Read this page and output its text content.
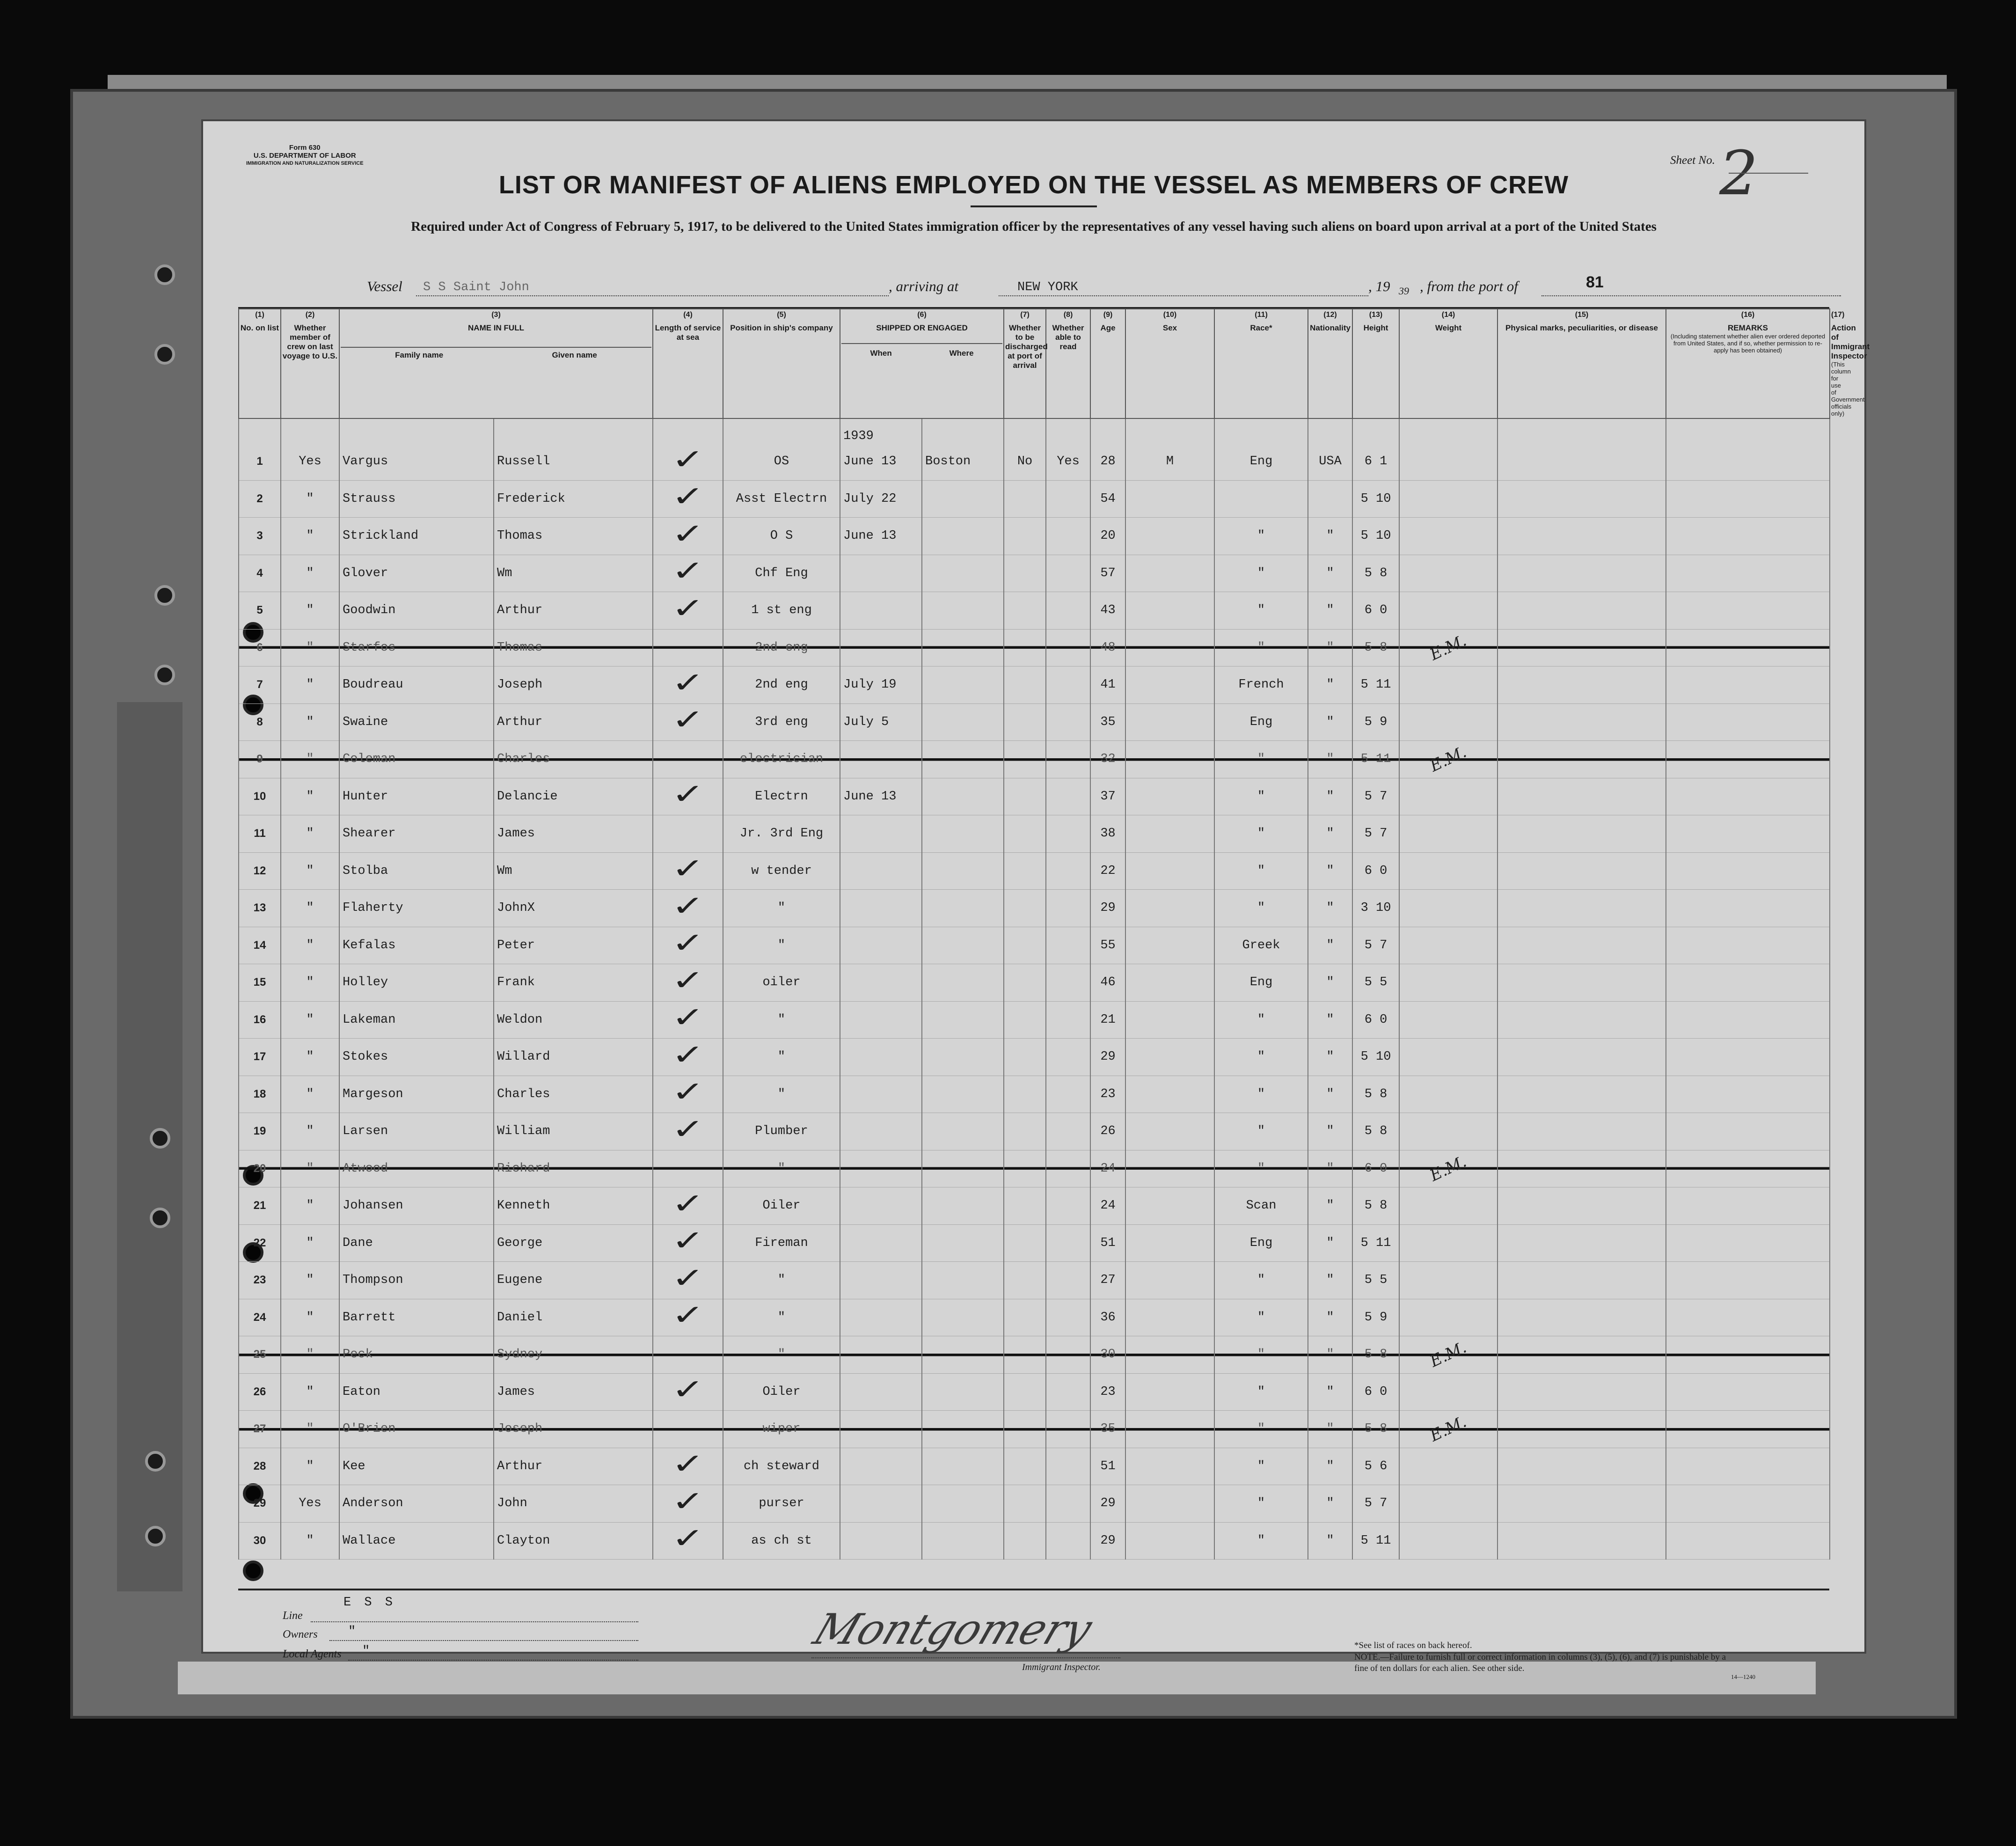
Form 630
U.S. DEPARTMENT OF LABOR
IMMIGRATION AND NATURALIZATION SERVICE
LIST OR MANIFEST OF ALIENS EMPLOYED ON THE VESSEL AS MEMBERS OF CREW
Required under Act of Congress of February 5, 1917, to be delivered to the United States immigration officer by the representatives of any vessel having such aliens on board upon arrival at a port of the United States
Sheet No. 2
Vessel S S Saint John	, arriving at	NEW YORK	, 19 39 , from the port of	81
(1)
No. on list	(2)
Whether member of crew on last voyage to U.S.	(3)
NAME IN FULL
Family name Given name		(4)
Length of service at sea	(5)
Position in ship's company	(6)
SHIPPED OR ENGAGED
When Where		(7)
Whether to be discharged at port of arrival	(8)
Whether able to read	(9)
Age	(10)
Sex	(11)
Race*	(12)
Nationality	(13)
Height	(14)
Weight	(15)
Physical marks, peculiarities, or disease	(16)
REMARKS
(Including statement whether alien ever ordered deported from United States, and if so, whether permission to re-apply has been obtained)	(17)
Action of Immigrant Inspector
(This column for use of Government officials only)

						1939												
1	Yes	Vargus	Russell	✓	OS	June 13	Boston	No	Yes	28	M	Eng	USA	6 1				
2	"	Strauss	Frederick	✓	Asst Electrn	July 22				54				5 10				
3	"	Strickland	Thomas	✓	O S	June 13				20		"	"	5 10				
4	"	Glover	Wm	✓	Chf Eng					57		"	"	5 8				
5	"	Goodwin	Arthur	✓	1 st eng					43		"	"	6 0				
6	"	Starfos	Thomas		2nd eng					48		"	"	5 8	E.M.			
7	"	Boudreau	Joseph	✓	2nd eng	July 19				41		French	"	5 11				
8	"	Swaine	Arthur	✓	3rd eng	July 5				35		Eng	"	5 9				
9	"	Coleman	Charles		electrician					32		"	"	5 11	E.M.			
10	"	Hunter	Delancie	✓	Electrn	June 13				37		"	"	5 7				
11	"	Shearer	James		Jr. 3rd Eng					38		"	"	5 7				
12	"	Stolba	Wm	✓	w tender					22		"	"	6 0				
13	"	Flaherty	JohnX	✓	"					29		"	"	3 10				
14	"	Kefalas	Peter	✓	"					55		Greek	"	5 7				
15	"	Holley	Frank	✓	oiler					46		Eng	"	5 5				
16	"	Lakeman	Weldon	✓	"					21		"	"	6 0				
17	"	Stokes	Willard	✓	"					29		"	"	5 10				
18	"	Margeson	Charles	✓	"					23		"	"	5 8				
19	"	Larsen	William	✓	Plumber					26		"	"	5 8				
20	"	Atwood	Richard		"					24		"	"	6 0	E.M.			
21	"	Johansen	Kenneth	✓	Oiler					24		Scan	"	5 8				
22	"	Dane	George	✓	Fireman					51		Eng	"	5 11				
23	"	Thompson	Eugene	✓	"					27		"	"	5 5				
24	"	Barrett	Daniel	✓	"					36		"	"	5 9				
25	"	Peck	Sydney		"					30		"	"	5 8	E.M.			
26	"	Eaton	James	✓	Oiler					23		"	"	6 0				
27	"	O'Brien	Joseph		wiper					35		"	"	5 8	E.M.			
28	"	Kee	Arthur	✓	ch steward					51		"	"	5 6				
29	Yes	Anderson	John	✓	purser					29		"	"	5 7				
30	"	Wallace	Clayton	✓	as ch st					29		"	"	5 11				
Line
E S S
Owners "
Local Agents "	Montgomery
Immigrant Inspector.
*See list of races on back hereof.
NOTE.—Failure to furnish full or correct information in columns (3), (5), (6), and (7) is punishable by a fine of ten dollars for each alien. See other side.
14—1240
